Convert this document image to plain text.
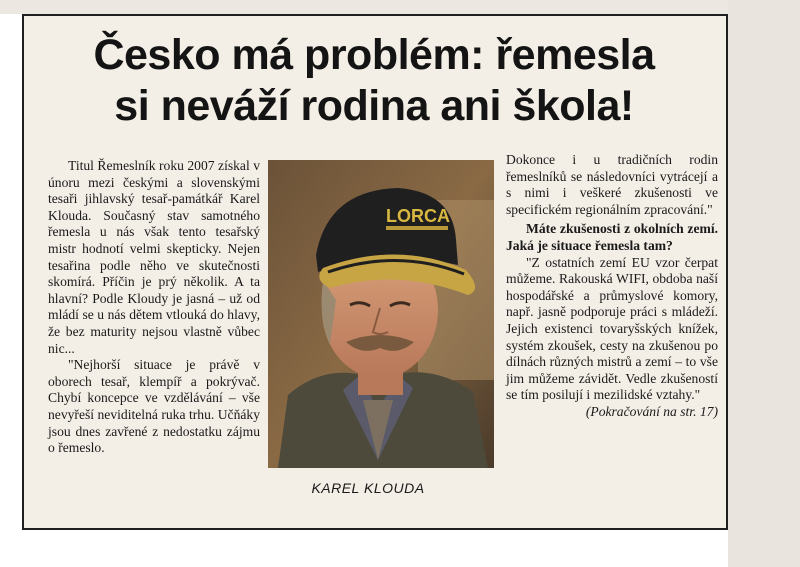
Česko má problém: řemesla
si neváží rodina ani škola!

Titul Řemeslník roku 2007 získal v únoru mezi českými a slovenskými tesaři jihlavský tesař-památkář Karel Klouda. Současný stav samotného řemesla u nás však tento tesařský mistr hodnotí velmi skepticky. Nejen tesařina podle něho ve skutečnosti skomírá. Příčin je prý několik. A ta hlavní? Podle Kloudy je jasná – už od mládí se u nás dětem vtlouká do hlavy, že bez maturity nejsou vlastně vůbec nic...

"Nejhorší situace je právě v oborech tesař, klempíř a pokrývač. Chybí koncepce ve vzdělávání – vše nevyřeší neviditelná ruka trhu. Učňáky jsou dnes zavřené z nedostatku zájmu o řemeslo.

LORCA
KAREL KLOUDA

Dokonce i u tradičních rodin řemeslníků se následovníci vytrácejí a s nimi i veškeré zkušenosti ve specifickém regionálním zpracování."

Máte zkušenosti z okolních zemí. Jaká je situace řemesla tam?

"Z ostatních zemí EU vzor čerpat můžeme. Rakouská WIFI, obdoba naší hospodářské a průmyslové komory, např. jasně podporuje práci s mládeží. Jejich existenci tovaryšských knížek, systém zkoušek, cesty na zkušenou po dílnách různých mistrů a zemí – to vše jim můžeme závidět. Vedle zkušeností se tím posilují i mezilidské vztahy."

(Pokračování na str. 17)
